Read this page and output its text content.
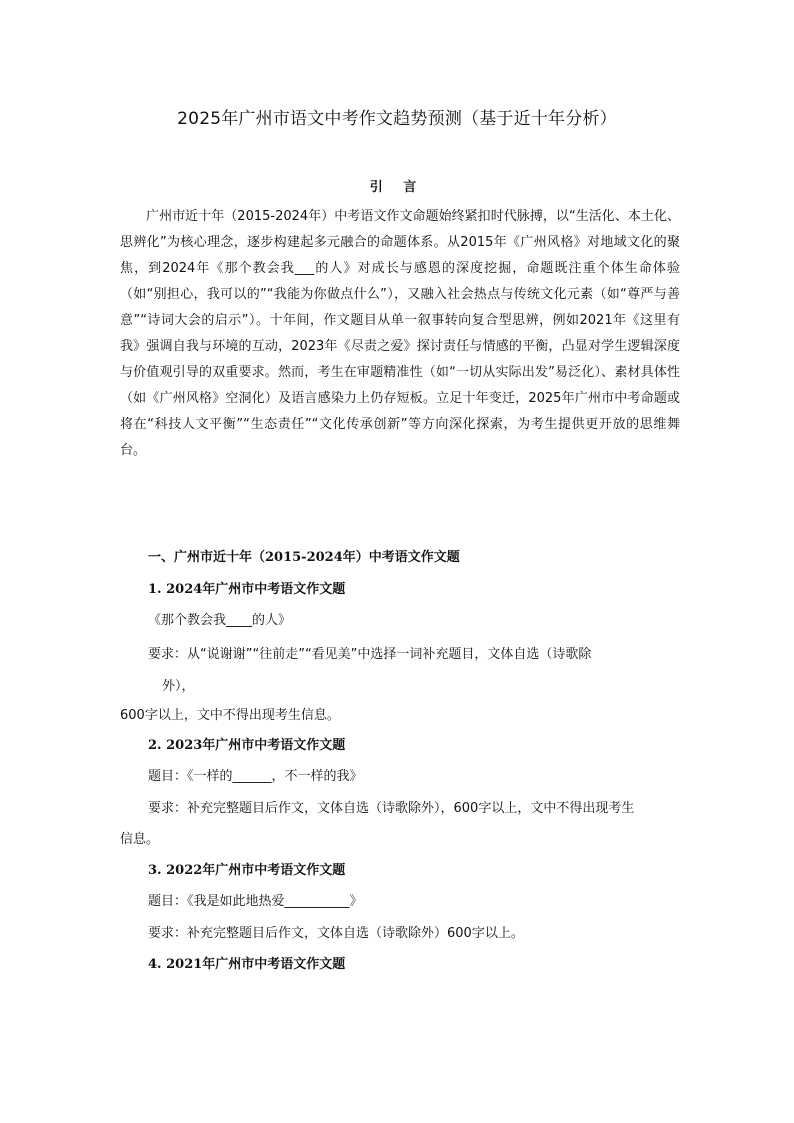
2025年广州市语文中考作文趋势预测（基于近十年分析）
引 言
广州市近十年（2015-2024年）中考语文作文命题始终紧扣时代脉搏，以“生活化、本土化、思辨化”为核心理念，逐步构建起多元融合的命题体系。从2015年《广州风格》对地域文化的聚焦，到2024年《那个教会我___的人》对成长与感恩的深度挖掘，命题既注重个体生命体验（如“别担心，我可以的”“我能为你做点什么”），又融入社会热点与传统文化元素（如“尊严与善意”“诗词大会的启示”）。十年间，作文题目从单一叙事转向复合型思辨，例如2021年《这里有我》强调自我与环境的互动，2023年《尽责之爱》探讨责任与情感的平衡，凸显对学生逻辑深度与价值观引导的双重要求。然而，考生在审题精准性（如“一切从实际出发”易泛化）、素材具体性（如《广州风格》空洞化）及语言感染力上仍存短板。立足十年变迁，2025年广州市中考命题或将在“科技人文平衡”“生态责任”“文化传承创新”等方向深化探索，为考生提供更开放的思维舞台。
一、广州市近十年（2015-2024年）中考语文作文题
1. 2024年广州市中考语文作文题
《那个教会我____的人》
要求：从“说谢谢”“往前走”“看见美”中选择一词补充题目，文体自选（诗歌除
外），
600字以上，文中不得出现考生信息。
2. 2023年广州市中考语文作文题
题目：《一样的______，不一样的我》
要求：补充完整题目后作文，文体自选（诗歌除外），600字以上，文中不得出现考生
信息。
3. 2022年广州市中考语文作文题
题目：《我是如此地热爱__________》
要求：补充完整题目后作文，文体自选（诗歌除外）600字以上。
4. 2021年广州市中考语文作文题
